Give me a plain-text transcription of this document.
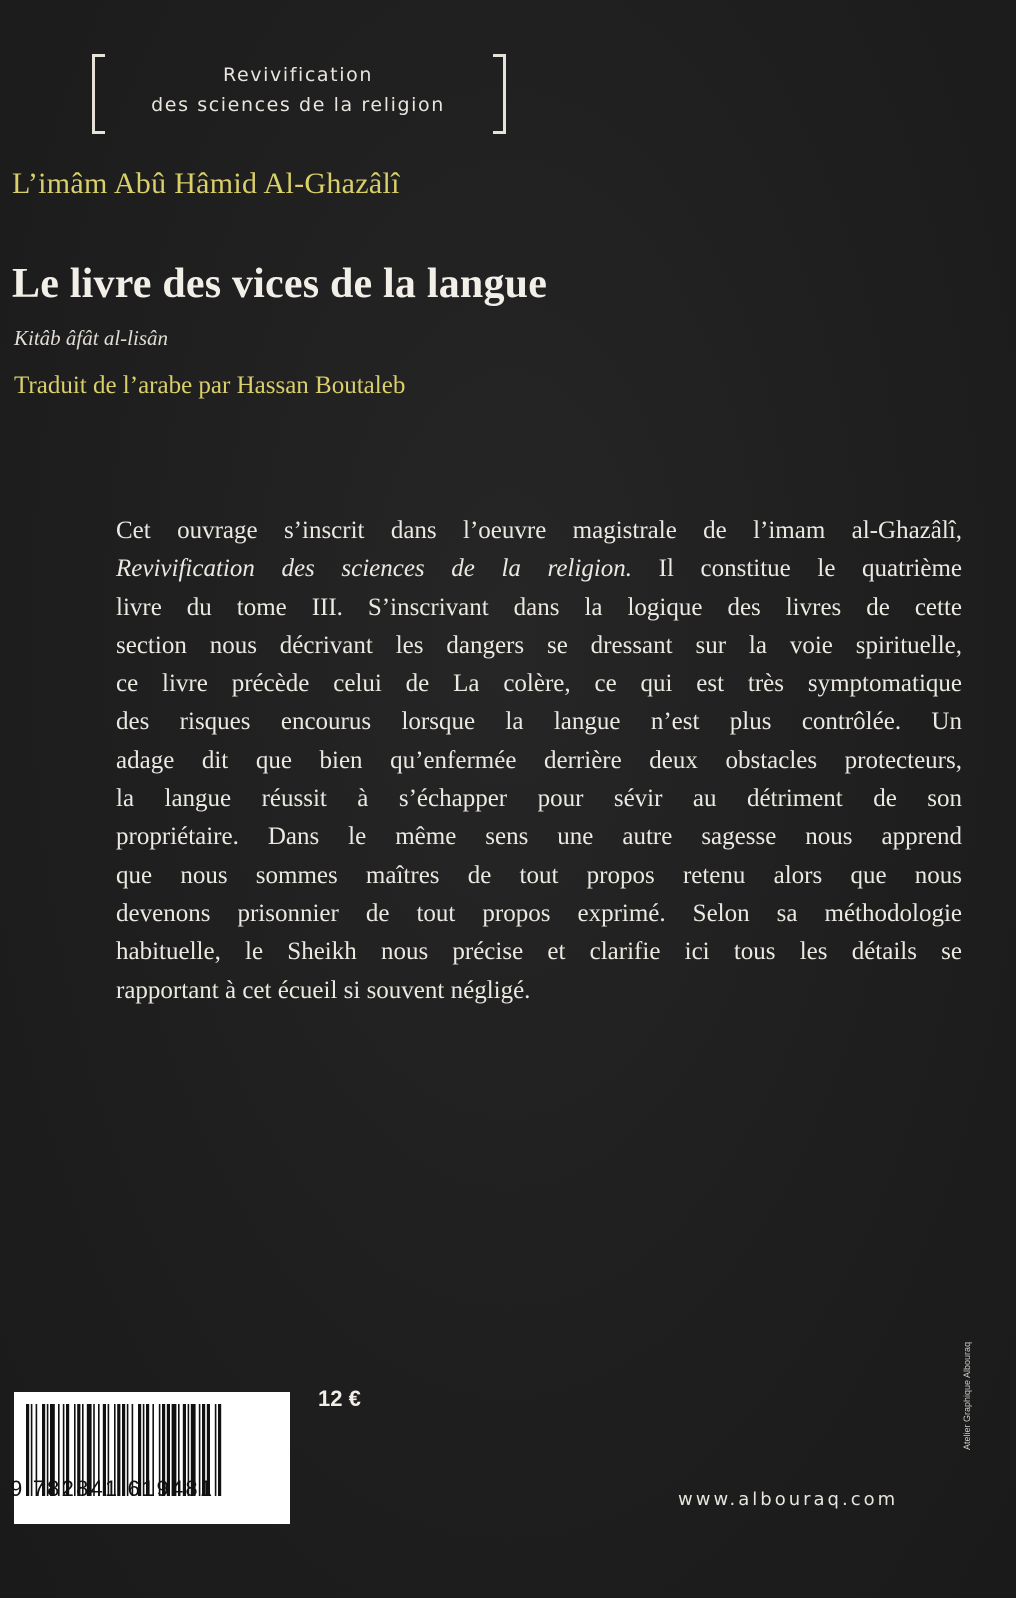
Revivification
des sciences de la religion
L’imâm Abû Hâmid Al-Ghazâlî
Le livre des vices de la langue
Kitâb âfât al-lisân
Traduit de l’arabe par Hassan Boutaleb
Cet ouvrage s’inscrit dans l’oeuvre magistrale de l’imam al-Ghazâlî,
Revivification des sciences de la religion. Il constitue le quatrième
livre du tome III. S’inscrivant dans la logique des livres de cette
section nous décrivant les dangers se dressant sur la voie spirituelle,
ce livre précède celui de La colère, ce qui est très symptomatique
des risques encourus lorsque la langue n’est plus contrôlée. Un
adage dit que bien qu’enfermée derrière deux obstacles protecteurs,
la langue réussit à s’échapper pour sévir au détriment de son
propriétaire. Dans le même sens une autre sagesse nous apprend
que nous sommes maîtres de tout propos retenu alors que nous
devenons prisonnier de tout propos exprimé. Selon sa méthodologie
habituelle, le Sheikh nous précise et clarifie ici tous les détails se
rapportant à cet écueil si souvent négligé.
9 782841 619481
12 €
www.albouraq.com
Atelier Graphique Albouraq
